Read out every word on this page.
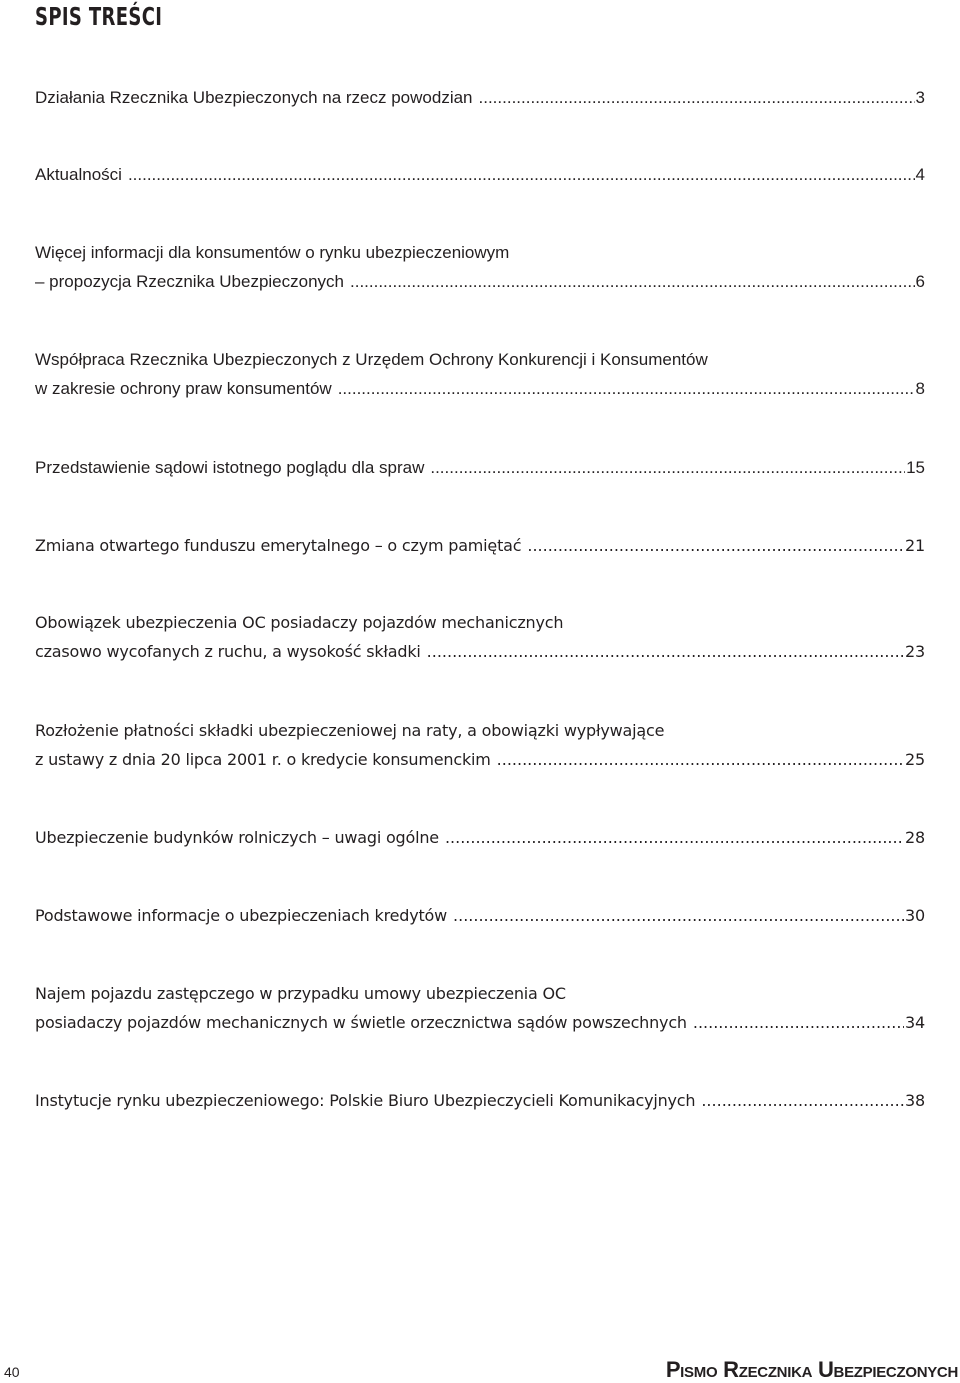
SPIS TREŚCI
Działania Rzecznika Ubezpieczonych na rzecz powodzian .....	3
Aktualności .....	4
Więcej informacji dla konsumentów o rynku ubezpieczeniowym
– propozycja Rzecznika Ubezpieczonych .....	6
Współpraca Rzecznika Ubezpieczonych z Urzędem Ochrony Konkurencji i Konsumentów
w zakresie ochrony praw konsumentów .....	8
Przedstawienie sądowi istotnego poglądu dla spraw .....	15
Zmiana otwartego funduszu emerytalnego – o czym pamiętać .....	21
Obowiązek ubezpieczenia OC posiadaczy pojazdów mechanicznych
czasowo wycofanych z ruchu, a wysokość składki .....	23
Rozłożenie płatności składki ubezpieczeniowej na raty, a obowiązki wypływające
z ustawy z dnia 20 lipca 2001 r. o kredycie konsumenckim .....	25
Ubezpieczenie budynków rolniczych – uwagi ogólne .....	28
Podstawowe informacje o ubezpieczeniach kredytów .....	30
Najem pojazdu zastępczego w przypadku umowy ubezpieczenia OC
posiadaczy pojazdów mechanicznych w świetle orzecznictwa sądów powszechnych .....	34
Instytucje rynku ubezpieczeniowego: Polskie Biuro Ubezpieczycieli Komunikacyjnych .....	38
40	Pismo Rzecznika Ubezpieczonych
